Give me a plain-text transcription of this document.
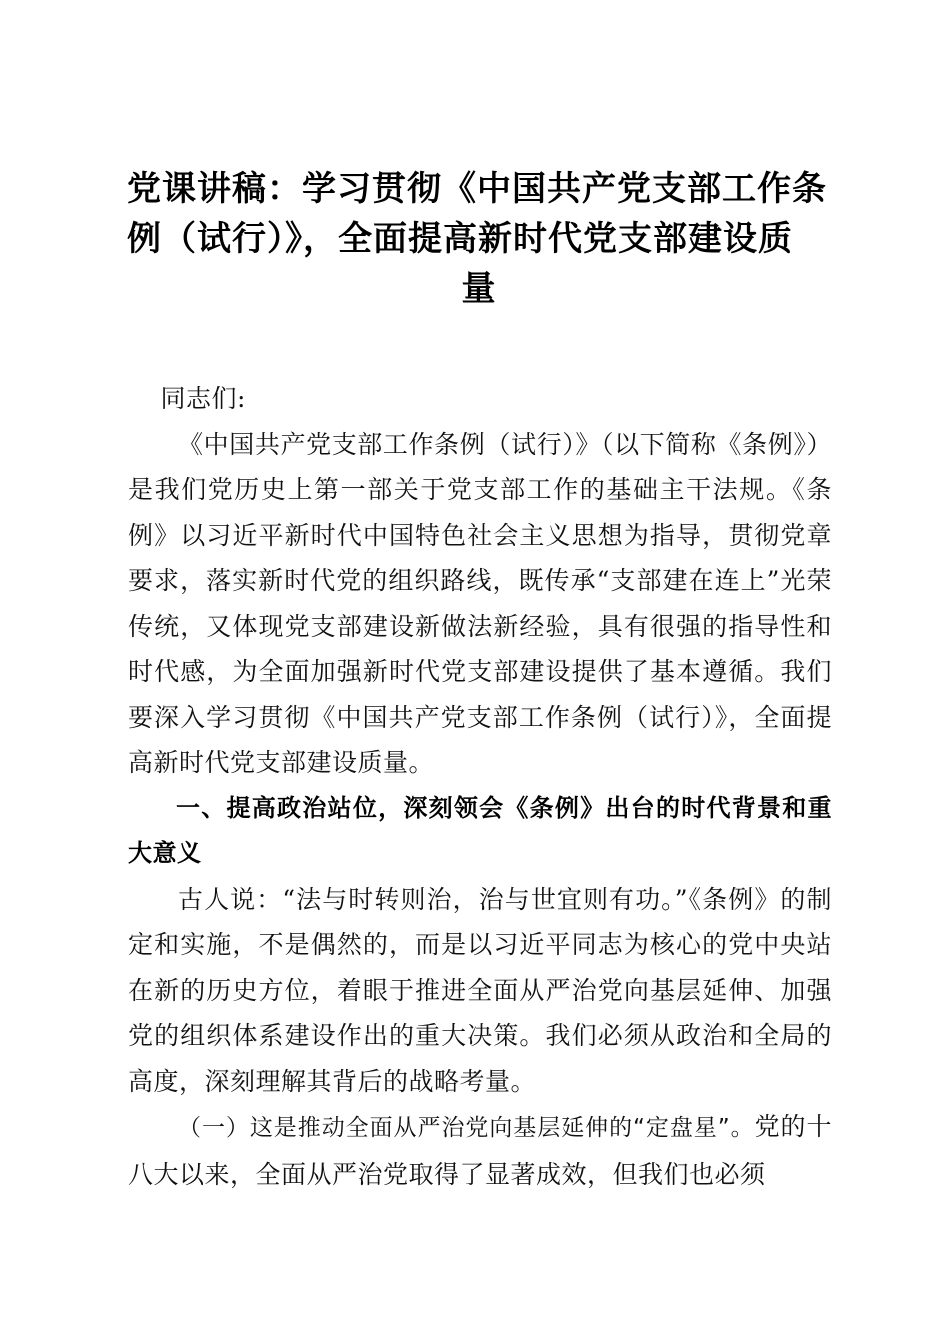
党课讲稿：学习贯彻《中国共产党支部工作条例（试行）》，全面提高新时代党支部建设质
量

同志们:

《中国共产党支部工作条例（试行）》（以下简称《条例》）是我们党历史上第一部关于党支部工作的基础主干法规。《条例》以习近平新时代中国特色社会主义思想为指导，贯彻党章要求，落实新时代党的组织路线，既传承“支部建在连上”光荣传统，又体现党支部建设新做法新经验，具有很强的指导性和时代感，为全面加强新时代党支部建设提供了基本遵循。我们要深入学习贯彻《中国共产党支部工作条例（试行）》，全面提高新时代党支部建设质量。

一、提高政治站位，深刻领会《条例》出台的时代背景和重大意义

古人说：“法与时转则治，治与世宜则有功。”《条例》的制定和实施，不是偶然的，而是以习近平同志为核心的党中央站在新的历史方位，着眼于推进全面从严治党向基层延伸、加强党的组织体系建设作出的重大决策。我们必须从政治和全局的高度，深刻理解其背后的战略考量。

（一）这是推动全面从严治党向基层延伸的“定盘星”。党的十八大以来，全面从严治党取得了显著成效，但我们也必须
